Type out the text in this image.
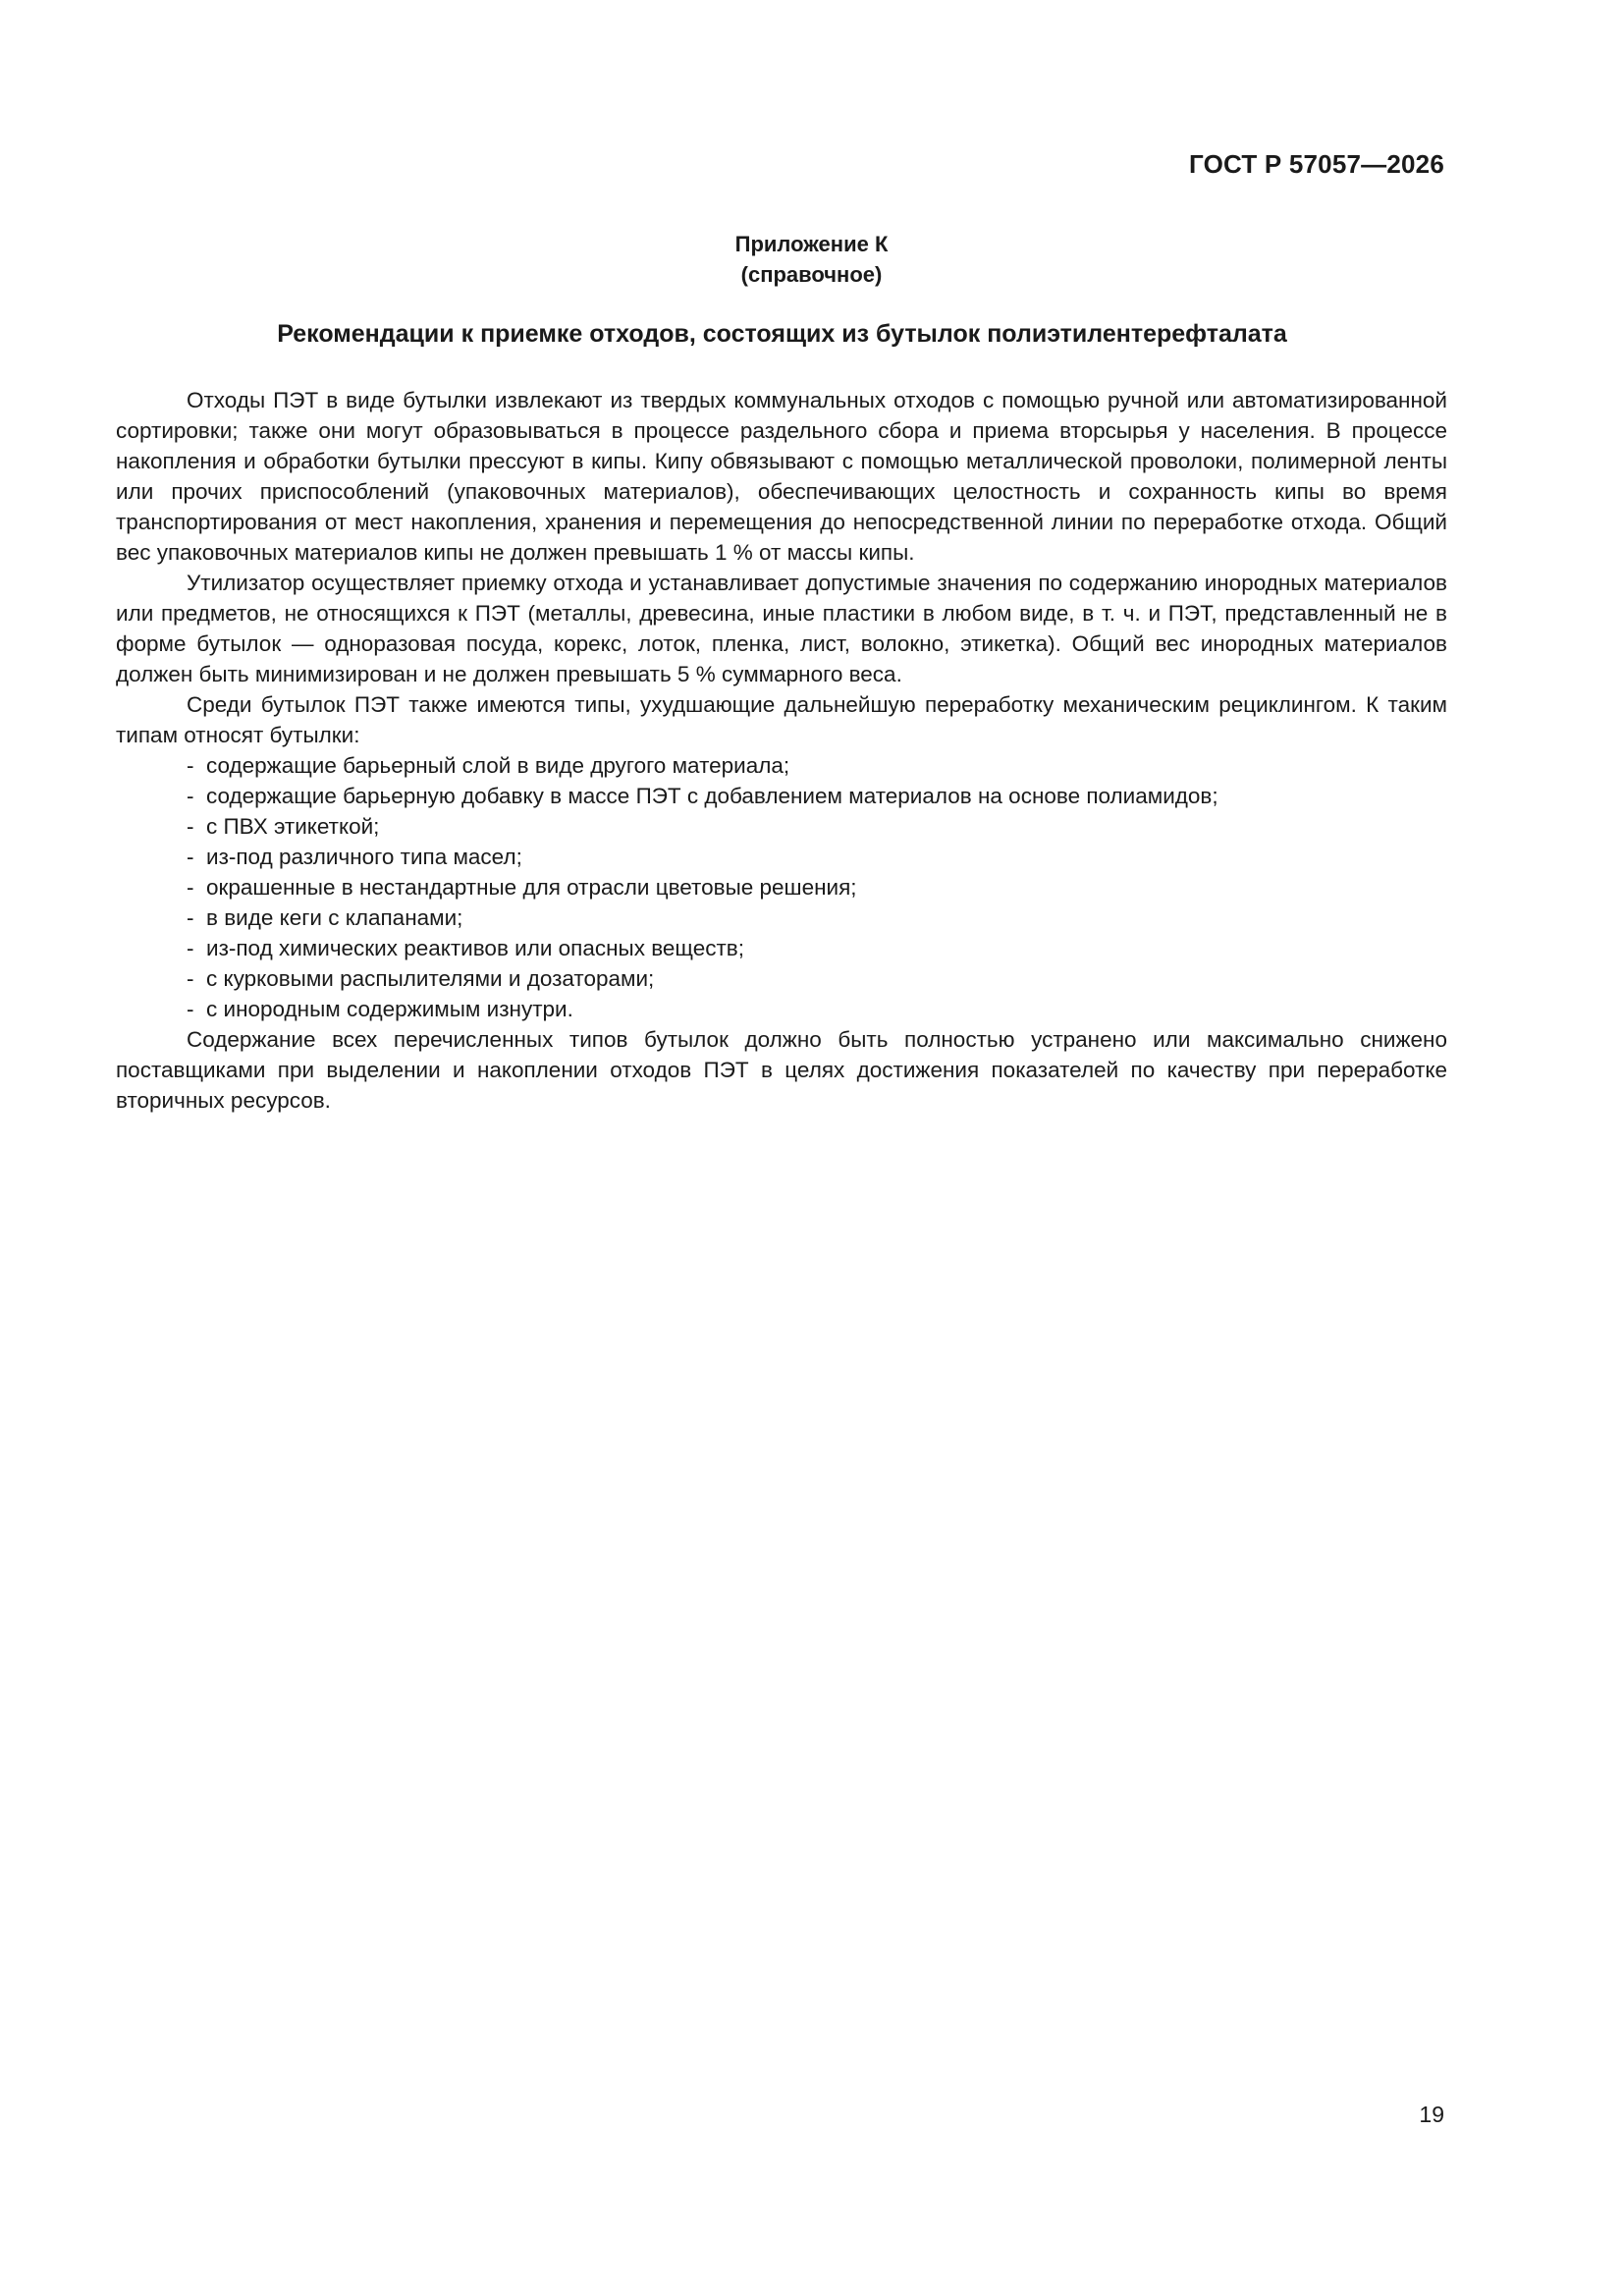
ГОСТ Р 57057—2026
Приложение К
(справочное)
Рекомендации к приемке отходов, состоящих из бутылок полиэтилентерефталата

Отходы ПЭТ в виде бутылки извлекают из твердых коммунальных отходов с помощью ручной или автоматизированной сортировки; также они могут образовываться в процессе раздельного сбора и приема вторсырья у населения. В процессе накопления и обработки бутылки прессуют в кипы. Кипу обвязывают с помощью металлической проволоки, полимерной ленты или прочих приспособлений (упаковочных материалов), обеспечивающих целостность и сохранность кипы во время транспортирования от мест накопления, хранения и перемещения до непосредственной линии по переработке отхода. Общий вес упаковочных материалов кипы не должен превышать 1 % от массы кипы.

Утилизатор осуществляет приемку отхода и устанавливает допустимые значения по содержанию инородных материалов или предметов, не относящихся к ПЭТ (металлы, древесина, иные пластики в любом виде, в т. ч. и ПЭТ, представленный не в форме бутылок — одноразовая посуда, корекс, лоток, пленка, лист, волокно, этикетка). Общий вес инородных материалов должен быть минимизирован и не должен превышать 5 % суммарного веса.

Среди бутылок ПЭТ также имеются типы, ухудшающие дальнейшую переработку механическим рециклингом. К таким типам относят бутылки:

-  содержащие барьерный слой в виде другого материала;
-  содержащие барьерную добавку в массе ПЭТ с добавлением материалов на основе полиамидов;
-  с ПВХ этикеткой;
-  из-под различного типа масел;
-  окрашенные в нестандартные для отрасли цветовые решения;
-  в виде кеги с клапанами;
-  из-под химических реактивов или опасных веществ;
-  с курковыми распылителями и дозаторами;
-  с инородным содержимым изнутри.

Содержание всех перечисленных типов бутылок должно быть полностью устранено или максимально снижено поставщиками при выделении и накоплении отходов ПЭТ в целях достижения показателей по качеству при переработке вторичных ресурсов.

19
